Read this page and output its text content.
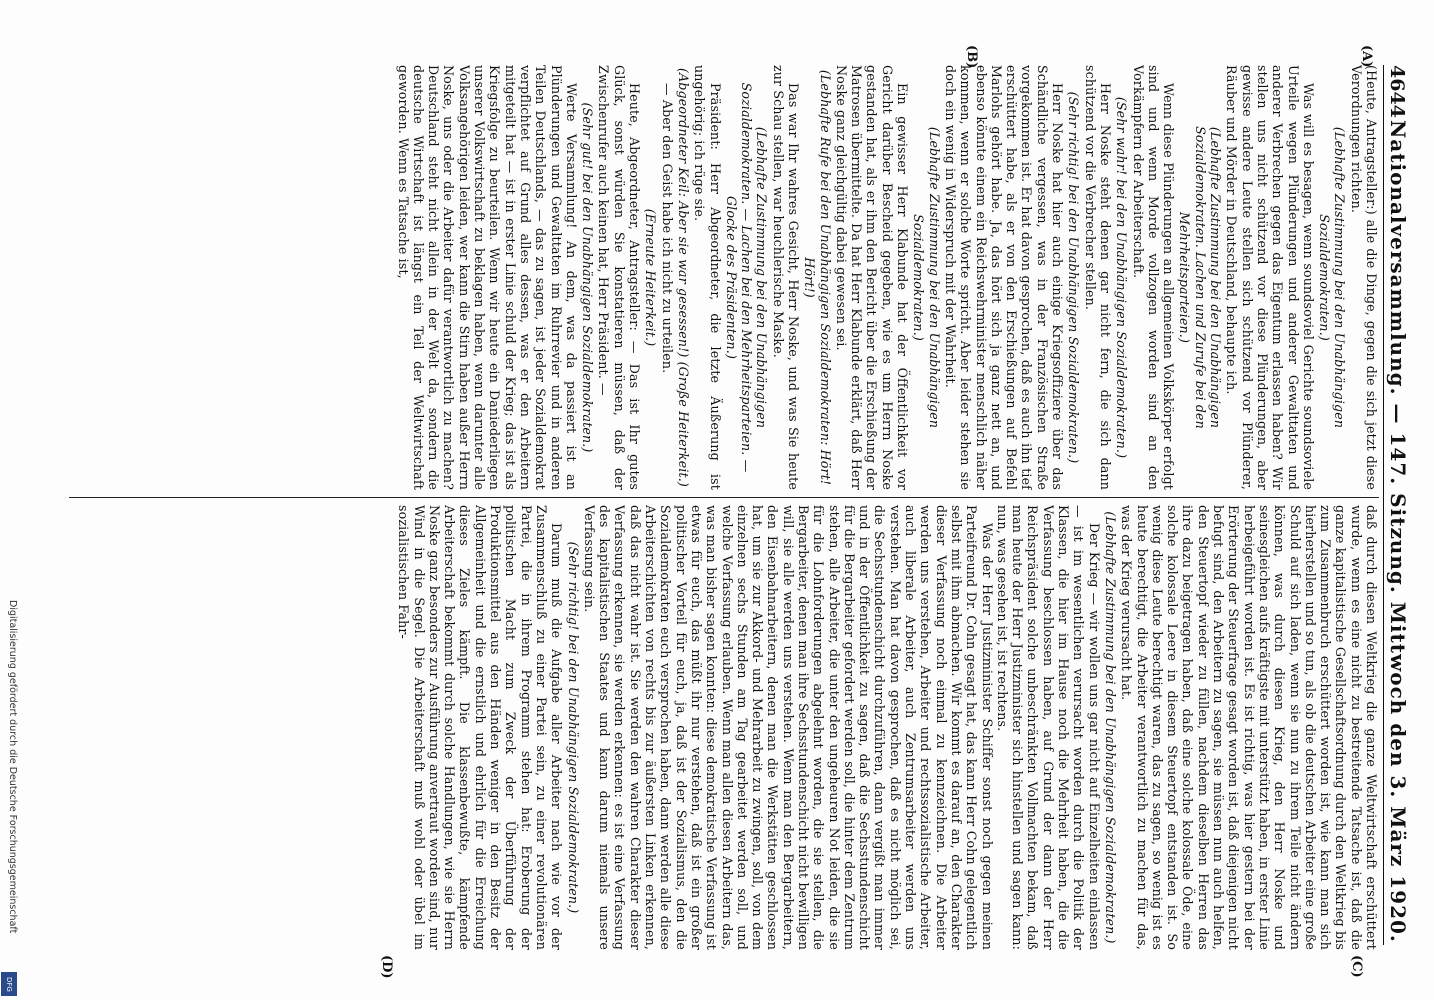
4644
Nationalversammlung. — 147. Sitzung. Mittwoch den 3. März 1920.
(A)
(B)
(C)
(D)

(Heute, Antragsteller:) alle die Dinge, gegen die sich jetzt diese Verordnungen richten.

(Lebhafte Zustimmung bei den Unabhängigen Sozialdemokraten.)

Was will es besagen, wenn soundsoviel Gerichte soundsoviele Urteile wegen Plünderungen und anderer Gewalttaten und anderer Verbrechen gegen das Eigentum erlassen haben? Wir stellen uns nicht schützend vor diese Plünderungen, aber gewisse andere Leute stellen sich schützend vor Plünderer, Räuber und Mörder in Deutschland, behaupte ich.

(Lebhafte Zustimmung bei den Unabhängigen Sozialdemokraten. Lachen und Zurufe bei den Mehrheitsparteien.)

Wenn diese Plünderungen an allgemeinen Volkskörper erfolgt sind und wenn Morde vollzogen worden sind an den Vorkämpfern der Arbeiterschaft.

(Sehr wahr! bei den Unabhängigen Sozialdemokraten.)

Herr Noske steht denen gar nicht fern, die sich dann schützend vor die Verbrecher stellen.

(Sehr richtig! bei den Unabhängigen Sozialdemokraten.)

Herr Noske hat hier auch einige Kriegsoffiziere über das Schändliche vergessen, was in der Französischen Straße vorgekommen ist. Er hat davon gesprochen, daß es auch ihn tief erschüttert habe, als er von den Erschießungen auf Befehl Marlohs gehört habe. Ja, das hört sich ja ganz nett an, und ebenso könnte einem ein Reichswehrminister menschlich näher kommen, wenn er solche Worte spricht. Aber leider stehen sie doch ein wenig in Widerspruch mit der Wahrheit.

(Lebhafte Zustimmung bei den Unabhängigen Sozialdemokraten.)

Ein gewisser Herr Klabunde hat der Öffentlichkeit vor Gericht darüber Bescheid gegeben, wie es um Herrn Noske gestanden hat, als er ihm den Bericht über die Erschießung der Matrosen übermittelte. Da hat Herr Klabunde erklärt, daß Herr Noske ganz gleichgültig dabei gewesen sei.

(Lebhafte Rufe bei den Unabhängigen Sozialdemokraten: Hört! Hört!)

Das war Ihr wahres Gesicht, Herr Noske, und was Sie heute zur Schau stellen, war heuchlerische Maske.

(Lebhafte Zustimmung bei den Unabhängigen Sozialdemokraten. — Lachen bei den Mehrheitsparteien. — Glocke des Präsidenten.)

Präsident: Herr Abgeordneter, die letzte Äußerung ist ungehörig; ich rüge sie.

(Abgeordneter Keil: Aber sie war gesessen!) (Große Heiterkeit.)

— Aber den Geist habe ich nicht zu urteilen.

(Erneute Heiterkeit.)

Heute, Abgeordneter, Antragsteller: — Das ist Ihr gutes Glück, sonst würden Sie konstatieren müssen, daß der Zwischenrufer auch keinen hat, Herr Präsident. —

(Sehr gut! bei den Unabhängigen Sozialdemokraten.)

Werte Versammlung! An dem, was da passiert ist an Plünderungen und Gewalttaten im Ruhrrevier und in anderen Teilen Deutschlands, — das zu sagen, ist jeder Sozialdemokrat verpflichtet auf Grund alles dessen, was er den Arbeitern mitgeteilt hat — ist in erster Linie schuld der Krieg; das ist als Kriegsfolge zu beurteilen. Wenn wir heute ein Daniederliegen unserer Volkswirtschaft zu beklagen haben, wenn darunter alle Volksangehörigen leiden, wer kann die Stirn haben außer Herrn Noske, uns oder die Arbeiter dafür verantwortlich zu machen? Deutschland steht nicht allein in der Welt da, sondern die deutsche Wirtschaft ist längst ein Teil der Weltwirtschaft geworden. Wenn es Tatsache ist,

daß durch diesen Weltkrieg die ganze Weltwirtschaft erschüttert wurde, wenn es eine nicht zu bestreitende Tatsache ist, daß die ganze kapitalistische Gesellschaftsordnung durch den Weltkrieg bis zum Zusammenbruch erschüttert worden ist, wie kann man sich hierherstellen und so tun, als ob die deutschen Arbeiter eine große Schuld auf sich laden, wenn sie nun zu ihrem Teile nicht ändern können, was durch diesen Krieg, den Herr Noske und seinesgleichen aufs kräftigste mit unterstützt haben, in erster Linie herbeigeführt worden ist. Es ist richtig, was hier gestern bei der Erörterung der Steuerfrage gesagt worden ist, daß diejenigen nicht befugt sind, den Arbeitern zu sagen, sie müssen nun auch helfen, den Steuertopf wieder zu füllen, nachdem dieselben Herren das ihre dazu beigetragen haben, daß eine solche kolossale Öde, eine solche kolossale Leere in diesem Steuertopf entstanden ist. So wenig diese Leute berechtigt waren, das zu sagen, so wenig ist es heute berechtigt, die Arbeiter verantwortlich zu machen für das, was der Krieg verursacht hat.

(Lebhafte Zustimmung bei den Unabhängigen Sozialdemokraten.)

Der Krieg — wir wollen uns gar nicht auf Einzelheiten einlassen — ist im wesentlichen verursacht worden durch die Politik der Klassen, die hier im Hause noch die Mehrheit haben, die die Verfassung beschlossen haben, auf Grund der dann der Herr Reichspräsident solche unbeschränkten Vollmachten bekam, daß man heute der Herr Justizminister sich hinstellen und sagen kann: nun, was gesehen ist, ist rechtens.

Was der Herr Justizminister Schiffer sonst noch gegen meinen Parteifreund Dr. Cohn gesagt hat, das kann Herr Cohn gelegentlich selbst mit ihm abmachen. Wir kommt es darauf an, den Charakter dieser Verfassung noch einmal zu kennzeichnen. Die Arbeiter werden uns verstehen, Arbeiter und rechtssozialistische Arbeiter, auch liberale Arbeiter, auch Zentrumsarbeiter werden uns verstehen. Man hat davon gesprochen, daß es nicht möglich sei, die Sechsstundenschicht durchzuführen, dann vergißt man immer und in der Öffentlichkeit zu sagen, daß die Sechsstundenschicht für die Bergarbeiter gefordert werden soll, die hinter dem Zentrum stehen, alle Arbeiter, die unter den ungeheuren Not leiden, die sie für die Lohnforderungen abgelehnt worden, die sie stellen, die Bergarbeiter, denen man ihre Sechsstundenschicht nicht bewilligen will, sie alle werden uns verstehen. Wenn man den Bergarbeitern, den Eisenbahnarbeitern, denen man die Werkstätten geschlossen hat, um sie zur Akkord- und Mehrarbeit zu zwingen, soll, von dem einzelnen sechs Stunden am Tag gearbeitet werden soll, und welche Verfassung erlauben. Wenn man allen diesen Arbeitern das, was man bisher sagen konnten: diese demokratische Verfassung ist etwas für euch, das müßt ihr nur verstehen, daß ist ein großer politischer Vorteil für euch, ja, daß ist der Sozialismus, den die Sozialdemokraten euch versprochen haben, dann werden alle diese Arbeiterschichten von rechts bis zur äußersten Linken erkennen, daß das nicht wahr ist. Sie werden den wahren Charakter dieser Verfassung erkennen, sie werden erkennen: es ist eine Verfassung des kapitalistischen Staates und kann darum niemals unsere Verfassung sein.

(Sehr richtig! bei den Unabhängigen Sozialdemokraten.)

Darum muß die Aufgabe aller Arbeiter nach wie vor der Zusammenschluß zu einer Partei sein, zu einer revolutionären Partei, die in ihrem Programm stehen hat: Eroberung der politischen Macht zum Zweck der Überführung der Produktionsmittel aus den Händen weniger in den Besitz der Allgemeinheit und die ernstlich und ehrlich für die Erreichung dieses Zieles kämpft. Die klassenbewußte, kämpfende Arbeiterschaft bekommt durch solche Handlungen, wie sie Herrn Noske ganz besonders zur Ausführung anvertraut worden sind, nur Wind in die Segel. Die Arbeiterschaft muß wohl oder übel im sozialistischen Fahr-

Digitalisierung gefördert durch die Deutsche Forschungsgemeinschaft
DFG
